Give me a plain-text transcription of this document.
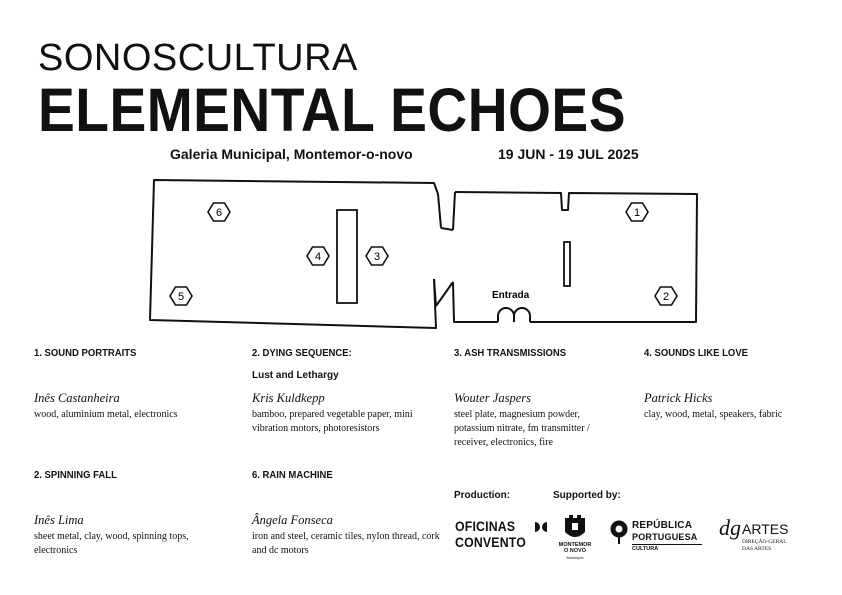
SONOSCULTURA
ELEMENTAL ECHOES
Galeria Municipal, Montemor-o-novo	19 JUN - 19 JUL 2025
1
2
3
4
5
6
Entrada
1. SOUND PORTRAITS
Inês Castanheira
wood, aluminium metal, electronics
2. DYING SEQUENCE:
Lust and Lethargy
Kris Kuldkepp
bamboo, prepared vegetable paper, mini vibration motors, photoresistors
3. ASH TRANSMISSIONS
Wouter Jaspers
steel plate, magnesium powder, potassium nitrate, fm transmitter / receiver, electronics, fire
4. SOUNDS LIKE LOVE
Patrick Hicks
clay, wood, metal, speakers, fabric
2. SPINNING FALL
Inês Lima
sheet metal, clay, wood, spinning tops, electronics
6. RAIN MACHINE
Ângela Fonseca
iron and steel, ceramic tiles, nylon thread, cork and dc motors
Production:	Supported by:
OFICINAS
CONVENTO	MONTEMOR
O NOVO
Município
REPÚBLICA
PORTUGUESA
CULTURA
dg ARTES
DIREÇÃO-GERAL
DAS ARTES
